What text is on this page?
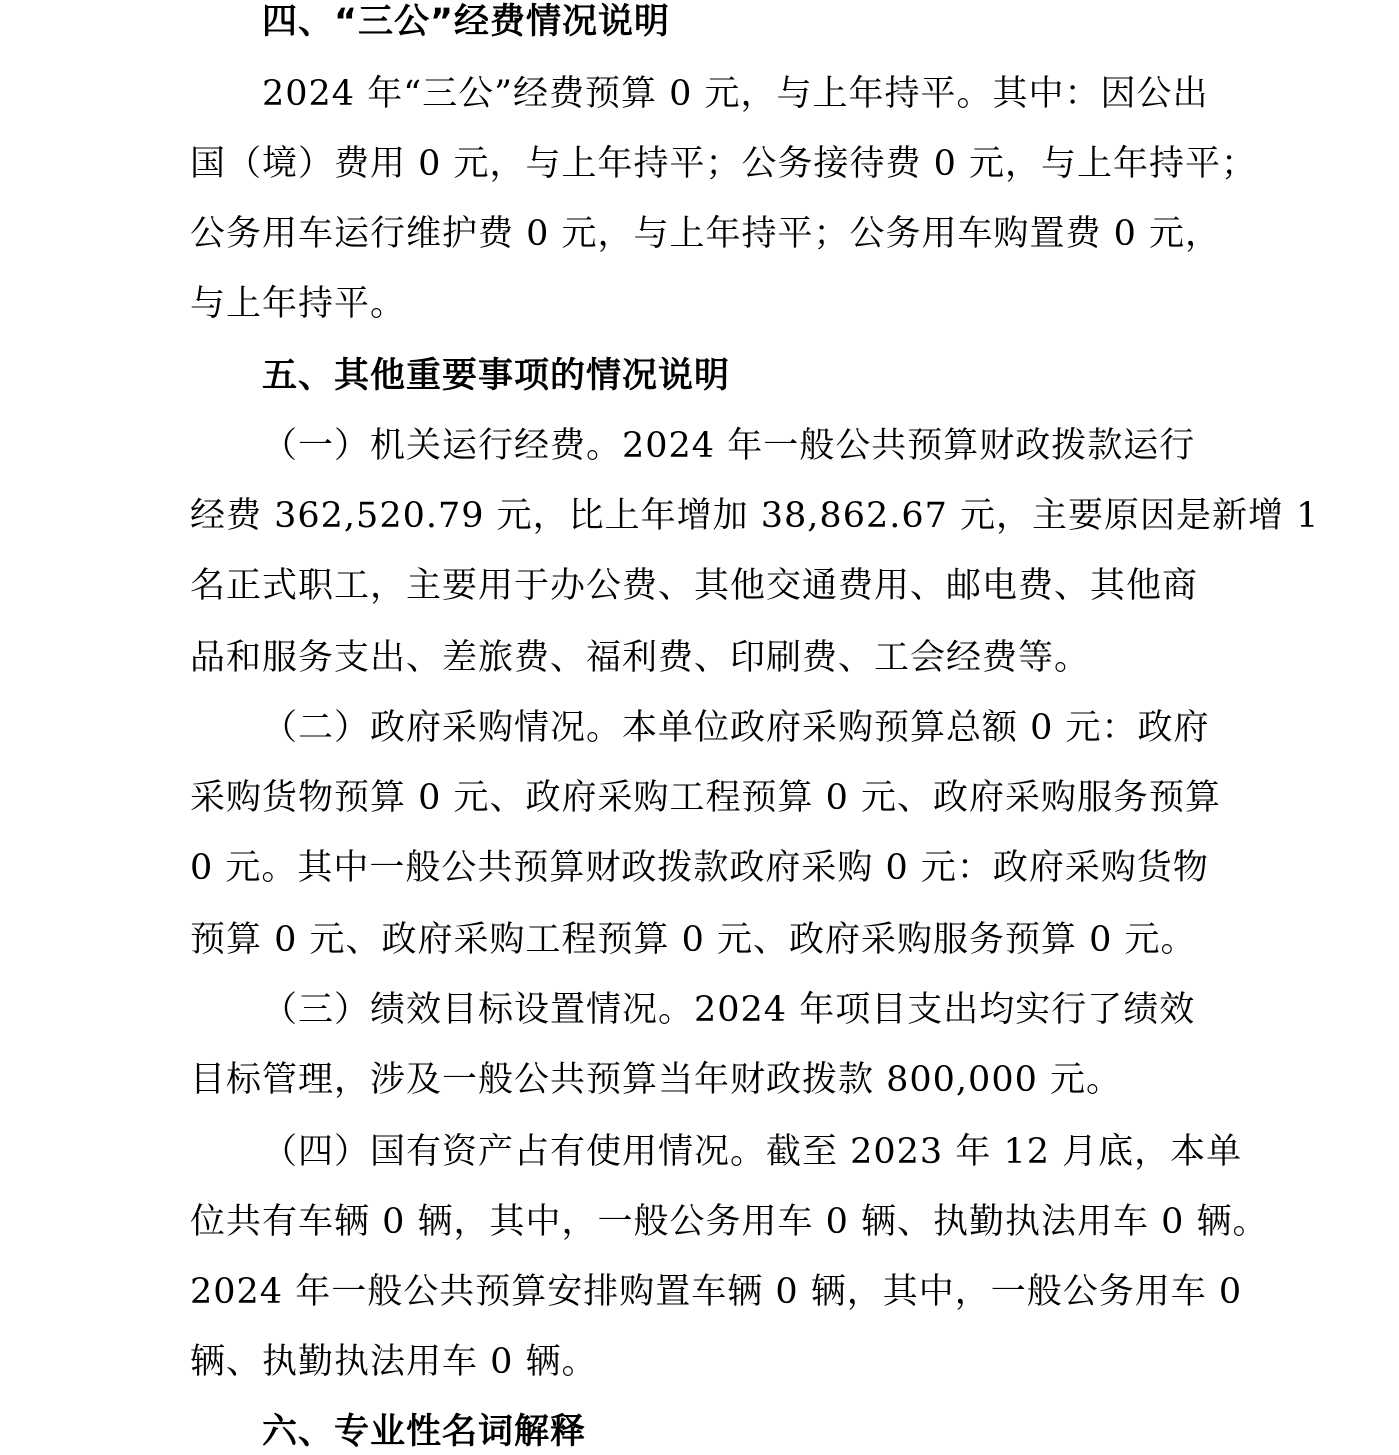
四、“三公”经费情况说明
2024 年“三公”经费预算 0 元，与上年持平。其中：因公出
国（境）费用 0 元，与上年持平；公务接待费 0 元，与上年持平；
公务用车运行维护费 0 元，与上年持平；公务用车购置费 0 元，
与上年持平。
五、其他重要事项的情况说明
（一）机关运行经费。2024 年一般公共预算财政拨款运行
经费 362,520.79 元，比上年增加 38,862.67 元，主要原因是新增 1
名正式职工，主要用于办公费、其他交通费用、邮电费、其他商
品和服务支出、差旅费、福利费、印刷费、工会经费等。
（二）政府采购情况。本单位政府采购预算总额 0 元：政府
采购货物预算 0 元、政府采购工程预算 0 元、政府采购服务预算
0 元。其中一般公共预算财政拨款政府采购 0 元：政府采购货物
预算 0 元、政府采购工程预算 0 元、政府采购服务预算 0 元。
（三）绩效目标设置情况。2024 年项目支出均实行了绩效
目标管理，涉及一般公共预算当年财政拨款 800,000 元。
（四）国有资产占有使用情况。截至 2023 年 12 月底，本单
位共有车辆 0 辆，其中，一般公务用车 0 辆、执勤执法用车 0 辆。
2024 年一般公共预算安排购置车辆 0 辆，其中，一般公务用车 0
辆、执勤执法用车 0 辆。
六、专业性名词解释
